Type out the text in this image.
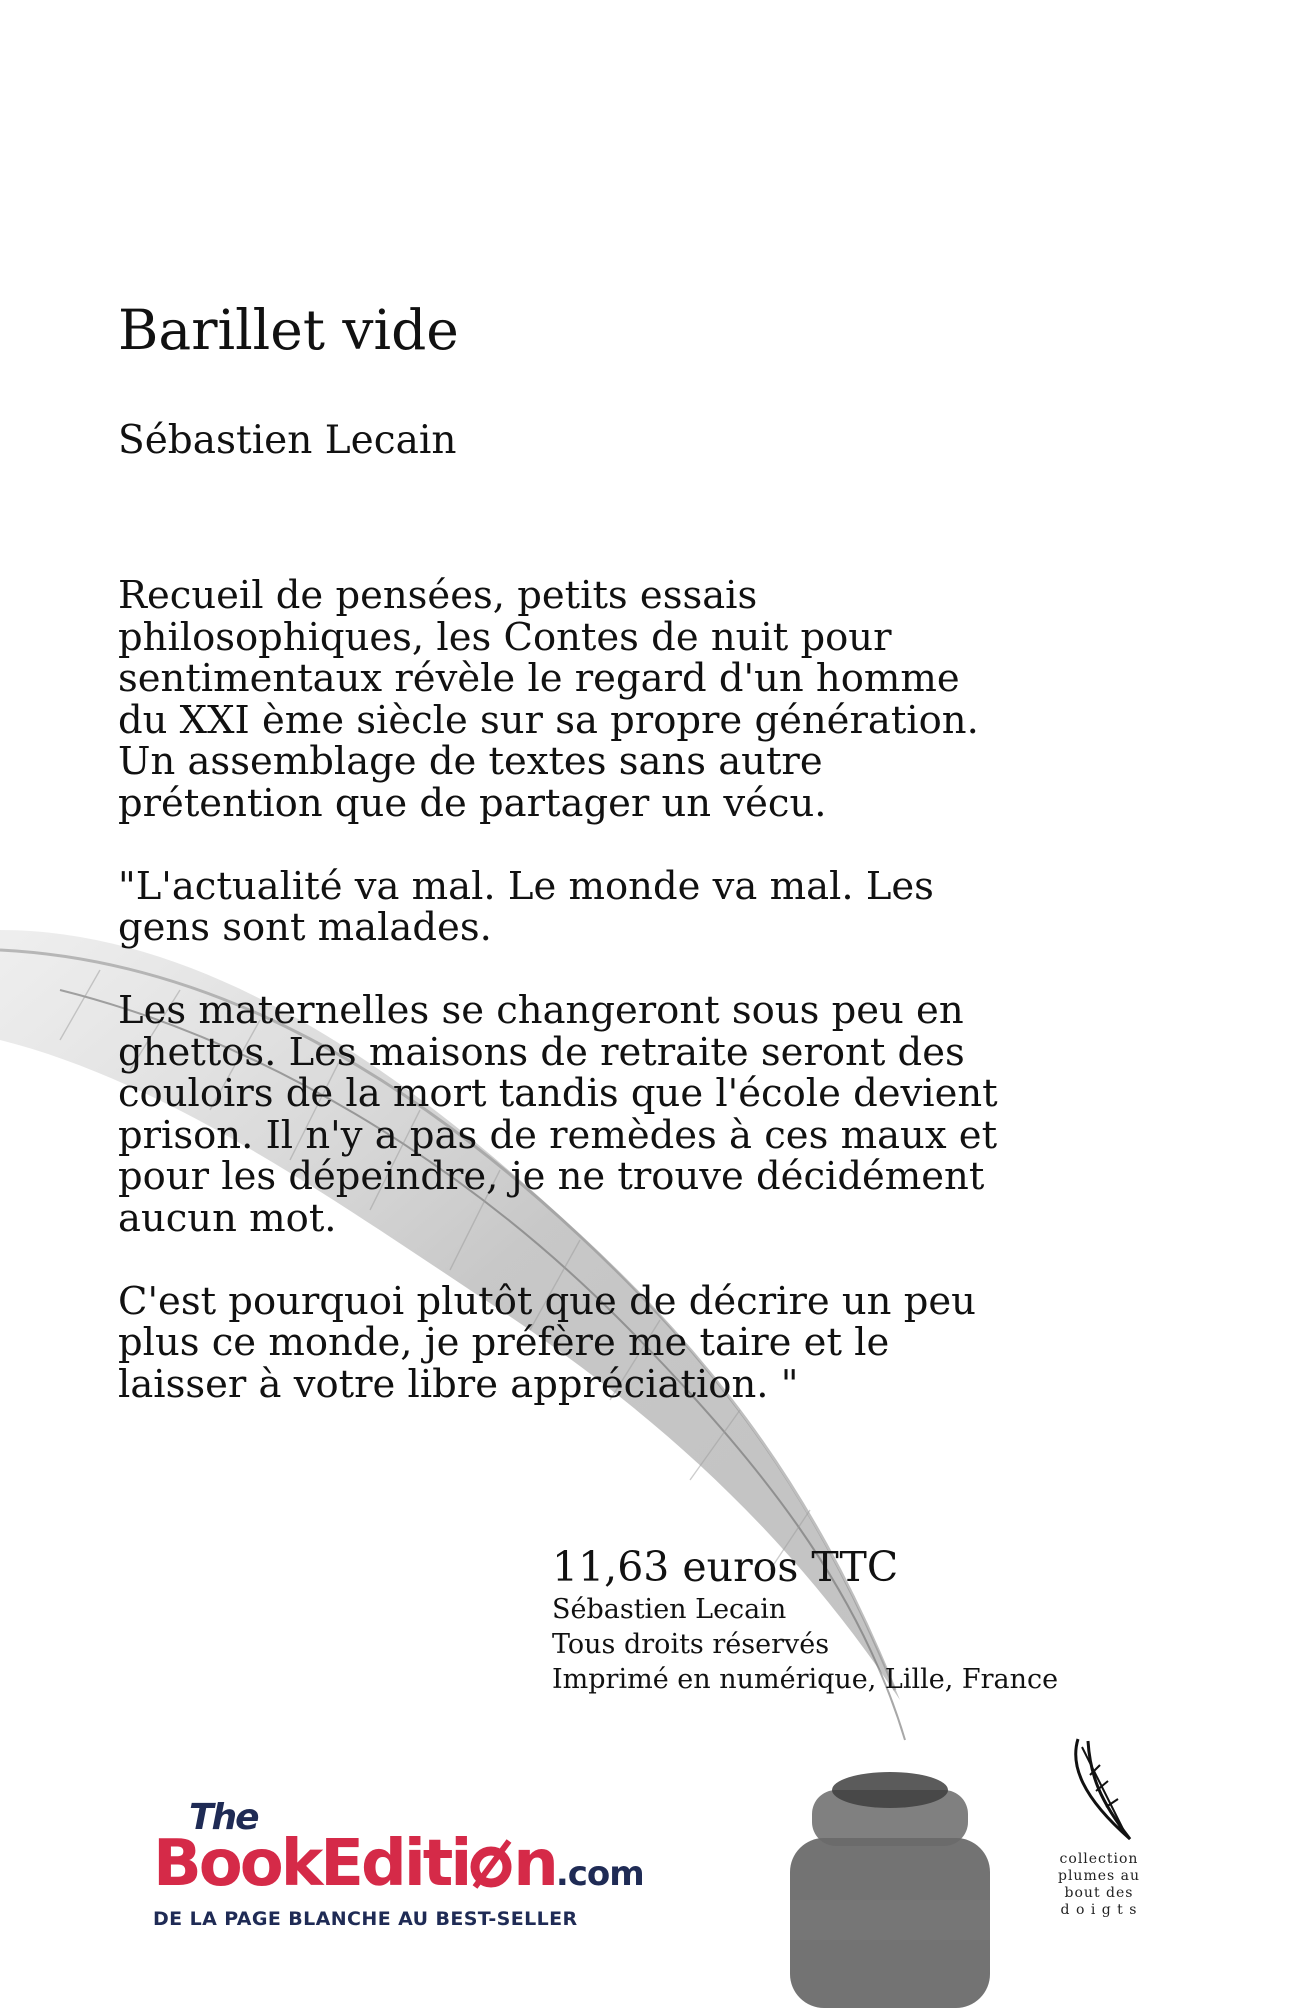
Barillet vide
Sébastien Lecain

Recueil de pensées, petits essais philosophiques, les Contes de nuit pour sentimentaux révèle le regard d'un homme du XXI ème siècle sur sa propre génération. Un assemblage de textes sans autre prétention que de partager un vécu.

"L'actualité va mal. Le monde va mal. Les gens sont malades.

Les maternelles se changeront sous peu en ghettos. Les maisons de retraite seront des couloirs de la mort tandis que l'école devient prison. Il n'y a pas de remèdes à ces maux et pour les dépeindre, je ne trouve décidément aucun mot.

C'est pourquoi plutôt que de décrire un peu plus ce monde, je préfère me taire et le laisser à votre libre appréciation. "

11,63 euros TTC
Sébastien Lecain
Tous droits réservés
Imprimé en numérique, Lille, France
The
BookEditi n.com
DE LA PAGE BLANCHE AU BEST-SELLER
collection
plumes au
bout des
d o i g t s
